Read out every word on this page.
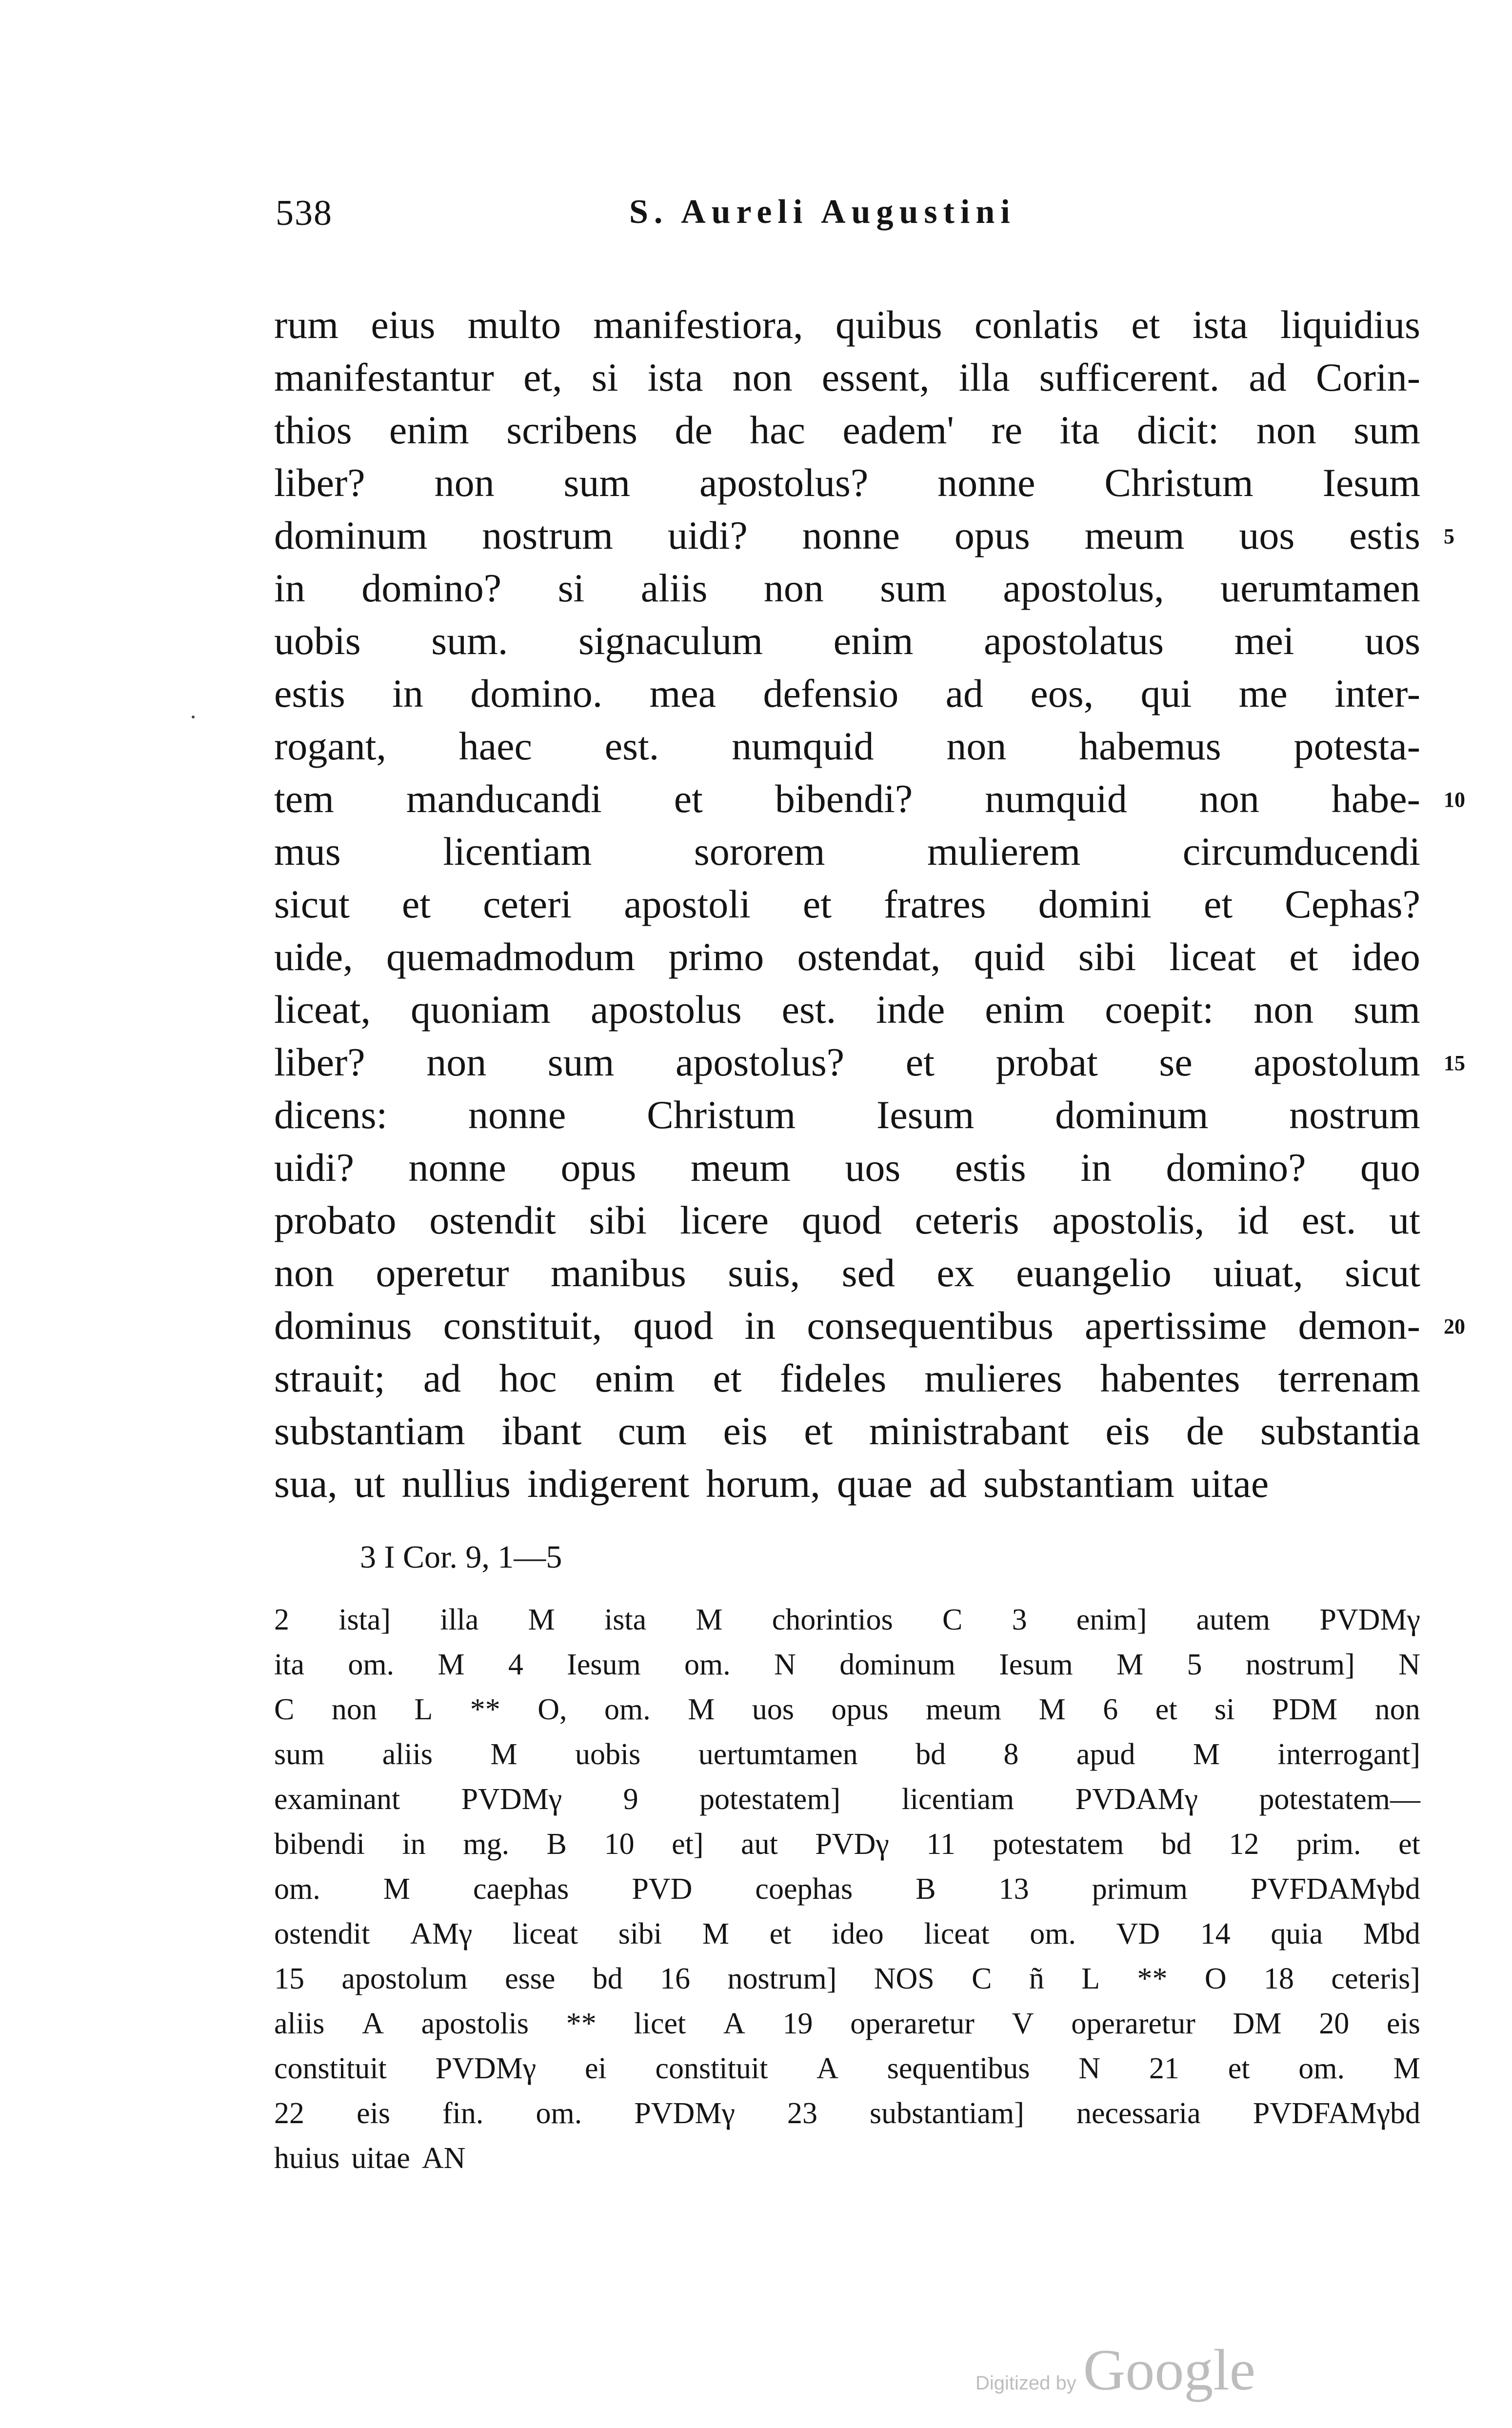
538	S. Aureli Augustini
rum eius multo manifestiora, quibus conlatis et ista liquidius
manifestantur et, si ista non essent, illa sufficerent. ad Corin-
thios enim scribens de hac eadem' re ita dicit: non sum
liber? non sum apostolus? nonne Christum Iesum
dominum nostrum uidi? nonne opus meum uos estis
in domino? si aliis non sum apostolus, uerumtamen
uobis sum. signaculum enim apostolatus mei uos
estis in domino. mea defensio ad eos, qui me inter-
rogant, haec est. numquid non habemus potesta-
tem manducandi et bibendi? numquid non habe-
mus	licentiam	sororem	mulierem	circumducendi
sicut et ceteri apostoli et fratres domini et Cephas?
uide, quemadmodum primo ostendat, quid sibi liceat et ideo
liceat, quoniam apostolus est. inde enim coepit: non sum
liber? non sum apostolus? et probat se apostolum
dicens: nonne Christum Iesum dominum nostrum
uidi? nonne opus meum uos estis in domino? quo
probato ostendit sibi licere quod ceteris apostolis, id est. ut
non operetur manibus suis, sed ex euangelio uiuat, sicut
dominus constituit, quod in consequentibus apertissime demon-
strauit; ad hoc enim et fideles mulieres habentes terrenam
substantiam ibant cum eis et ministrabant eis de substantia
sua, ut nullius indigerent horum, quae ad substantiam uitae
5
10
15
20
3 I Cor. 9, 1—5
2 ista] illa M ista M chorintios C 3 enim] autem PVDMγ
ita om. M 4 Iesum om. N dominum Iesum M 5 nostrum] N
C non L ** O, om. M uos opus meum M 6 et si PDM non
sum aliis M uobis uertumtamen bd 8 apud M interrogant]
examinant PVDMγ 9 potestatem] licentiam PVDAMγ potestatem—
bibendi in mg. B 10 et] aut PVDγ 11 potestatem bd 12 prim. et
om. M caephas PVD coephas B 13 primum PVFDAMγbd
ostendit AMγ liceat sibi M et ideo liceat om. VD 14 quia Mbd
15 apostolum esse bd 16 nostrum] NOS C ñ L ** O 18 ceteris]
aliis A apostolis ** licet A 19 operaretur V operaretur DM 20 eis
constituit PVDMγ ei constituit A sequentibus N 21 et om. M
22 eis fin. om. PVDMγ 23 substantiam] necessaria PVDFAMγbd
huius uitae AN
Digitized by Google
